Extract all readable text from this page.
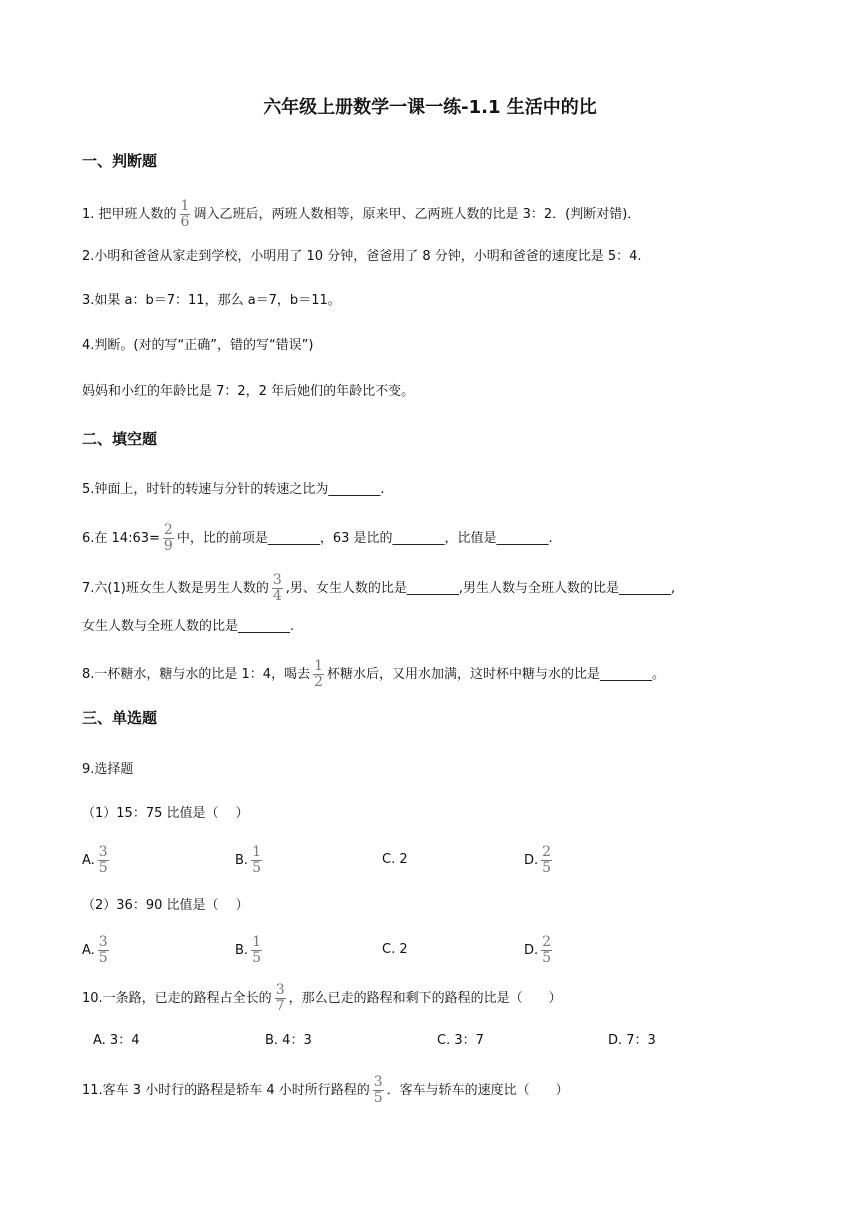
六年级上册数学一课一练-1.1 生活中的比
一、判断题
1. 把甲班人数的 $\frac{1}{6}$ 调入乙班后，两班人数相等，原来甲、乙两班人数的比是 3：2．(判断对错)．
2.小明和爸爸从家走到学校，小明用了 10 分钟，爸爸用了 8 分钟，小明和爸爸的速度比是 5：4.
3.如果 a：b＝7：11，那么 a＝7，b＝11。
4.判断。(对的写“正确”，错的写“错误”)
妈妈和小红的年龄比是 7：2，2 年后她们的年龄比不变。
二、填空题
5.钟面上，时针的转速与分针的转速之比为________.
6.在 14:63= $\frac{2}{9}$ 中，比的前项是________，63 是比的________，比值是________.
7.六(1)班女生人数是男生人数的 $\frac{3}{4}$ ,男、女生人数的比是________,男生人数与全班人数的比是________,
女生人数与全班人数的比是________.
8.一杯糖水，糖与水的比是 1：4，喝去 $\frac{1}{2}$ 杯糖水后，又用水加满，这时杯中糖与水的比是________。
三、单选题
9.选择题
（1）15：75 比值是（　 ）
A. $\frac{3}{5}$	B. $\frac{1}{5}$	C. 2	D. $\frac{2}{5}$
（2）36：90 比值是（　 ）
A. $\frac{3}{5}$	B. $\frac{1}{5}$	C. 2	D. $\frac{2}{5}$
10.一条路，已走的路程占全长的 $\frac{3}{7}$ ，那么已走的路程和剩下的路程的比是（　　）
A. 3：4	B. 4：3	C. 3：7	D. 7：3
11.客车 3 小时行的路程是轿车 4 小时所行路程的 $\frac{3}{5}$ ．客车与轿车的速度比（　　）
